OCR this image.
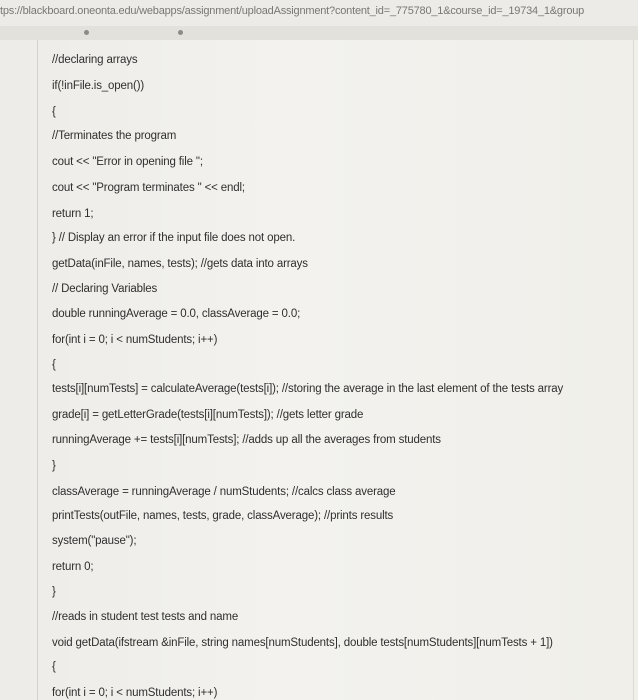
tps://blackboard.oneonta.edu/webapps/assignment/uploadAssignment?content_id=_775780_1&course_id=_19734_1&group
//declaring arrays
if(!inFile.is_open())
{
//Terminates the program
cout << "Error in opening file ";
cout << "Program terminates " << endl;
return 1;
} // Display an error if the input file does not open.
getData(inFile, names, tests); //gets data into arrays
// Declaring Variables
double runningAverage = 0.0, classAverage = 0.0;
for(int i = 0; i < numStudents; i++)
{
tests[i][numTests] = calculateAverage(tests[i]); //storing the average in the last element of the tests array
grade[i] = getLetterGrade(tests[i][numTests]); //gets letter grade
runningAverage += tests[i][numTests]; //adds up all the averages from students
}
classAverage = runningAverage / numStudents; //calcs class average
printTests(outFile, names, tests, grade, classAverage); //prints results
system("pause");
return 0;
}
//reads in student test tests and name
void getData(ifstream &inFile, string names[numStudents], double tests[numStudents][numTests + 1])
{
for(int i = 0; i < numStudents; i++)
